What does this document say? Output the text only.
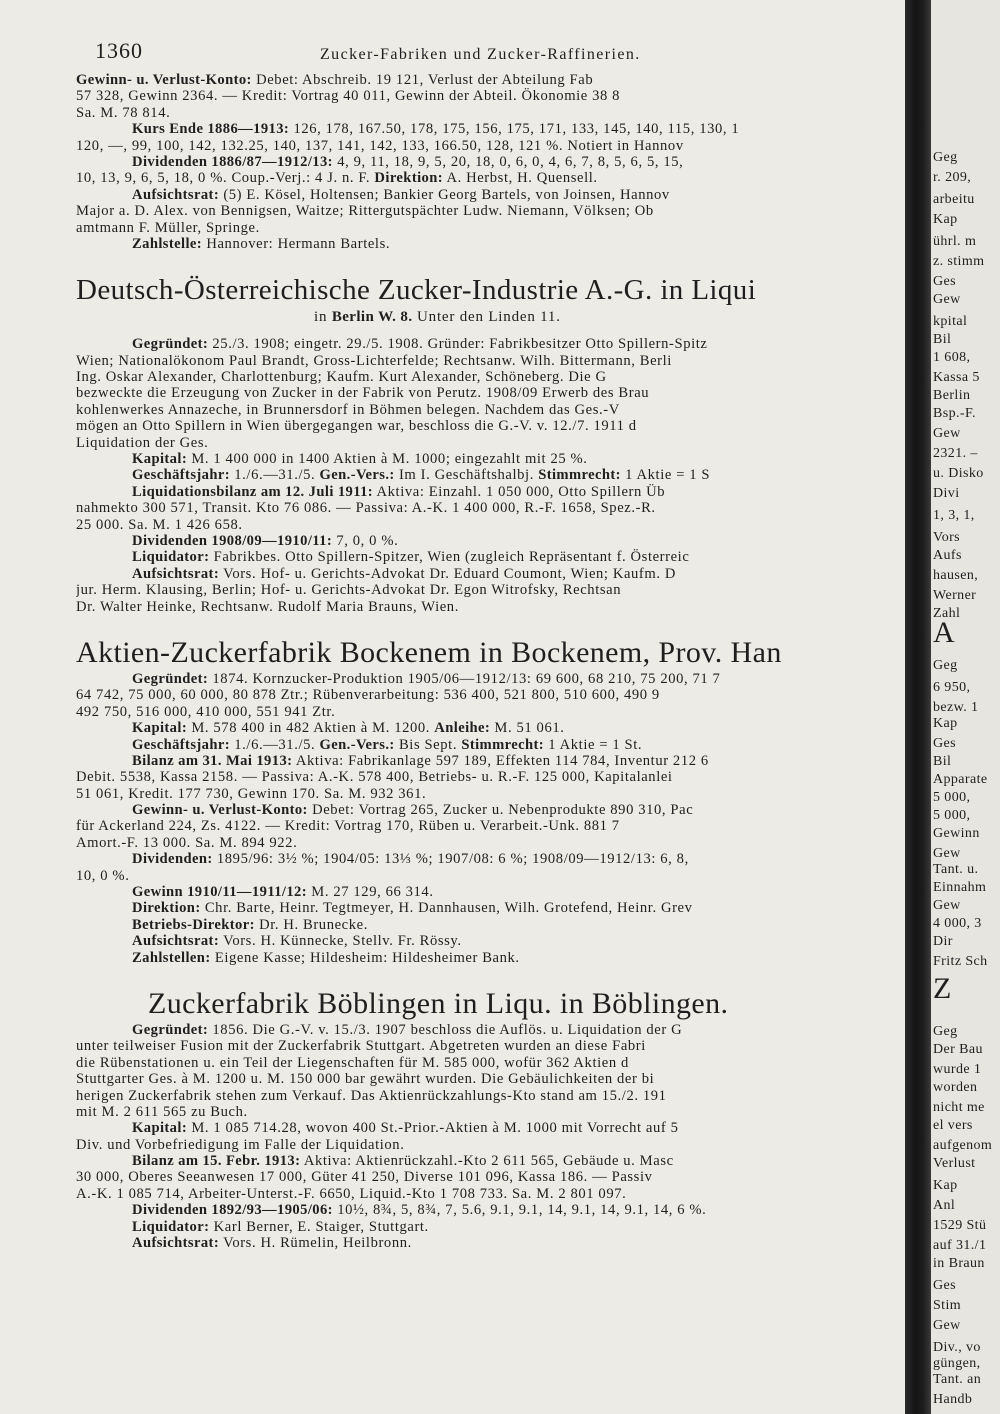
1360	Zucker-Fabriken und Zucker-Raffinerien.
Gewinn- u. Verlust-Konto: Debet: Abschreib. 19 121, Verlust der Abteilung Fab
57 328, Gewinn 2364. — Kredit: Vortrag 40 011, Gewinn der Abteil. Ökonomie 38 8
Sa. M. 78 814.
Kurs Ende 1886—1913: 126, 178, 167.50, 178, 175, 156, 175, 171, 133, 145, 140, 115, 130, 1
120, —, 99, 100, 142, 132.25, 140, 137, 141, 142, 133, 166.50, 128, 121 %. Notiert in Hannov
Dividenden 1886/87—1912/13: 4, 9, 11, 18, 9, 5, 20, 18, 0, 6, 0, 4, 6, 7, 8, 5, 6, 5, 15,
10, 13, 9, 6, 5, 18, 0 %. Coup.-Verj.: 4 J. n. F. Direktion: A. Herbst, H. Quensell.
Aufsichtsrat: (5) E. Kösel, Holtensen; Bankier Georg Bartels, von Joinsen, Hannov
Major a. D. Alex. von Bennigsen, Waitze; Rittergutspächter Ludw. Niemann, Völksen; Ob
amtmann F. Müller, Springe.
Zahlstelle: Hannover: Hermann Bartels.
Deutsch-Österreichische Zucker-Industrie A.-G. in Liqui
in Berlin W. 8. Unter den Linden 11.
Gegründet: 25./3. 1908; eingetr. 29./5. 1908. Gründer: Fabrikbesitzer Otto Spillern-Spitz
Wien; Nationalökonom Paul Brandt, Gross-Lichterfelde; Rechtsanw. Wilh. Bittermann, Berli
Ing. Oskar Alexander, Charlottenburg; Kaufm. Kurt Alexander, Schöneberg. Die G
bezweckte die Erzeugung von Zucker in der Fabrik von Perutz. 1908/09 Erwerb des Brau
kohlenwerkes Annazeche, in Brunnersdorf in Böhmen belegen. Nachdem das Ges.-V
mögen an Otto Spillern in Wien übergegangen war, beschloss die G.-V. v. 12./7. 1911 d
Liquidation der Ges.
Kapital: M. 1 400 000 in 1400 Aktien à M. 1000; eingezahlt mit 25 %.
Geschäftsjahr: 1./6.—31./5. Gen.-Vers.: Im I. Geschäftshalbj. Stimmrecht: 1 Aktie = 1 S
Liquidationsbilanz am 12. Juli 1911: Aktiva: Einzahl. 1 050 000, Otto Spillern Üb
nahmekto 300 571, Transit. Kto 76 086. — Passiva: A.-K. 1 400 000, R.-F. 1658, Spez.-R.
25 000. Sa. M. 1 426 658.
Dividenden 1908/09—1910/11: 7, 0, 0 %.
Liquidator: Fabrikbes. Otto Spillern-Spitzer, Wien (zugleich Repräsentant f. Österreic
Aufsichtsrat: Vors. Hof- u. Gerichts-Advokat Dr. Eduard Coumont, Wien; Kaufm. D
jur. Herm. Klausing, Berlin; Hof- u. Gerichts-Advokat Dr. Egon Witrofsky, Rechtsan
Dr. Walter Heinke, Rechtsanw. Rudolf Maria Brauns, Wien.
Aktien-Zuckerfabrik Bockenem in Bockenem, Prov. Han
Gegründet: 1874. Kornzucker-Produktion 1905/06—1912/13: 69 600, 68 210, 75 200, 71 7
64 742, 75 000, 60 000, 80 878 Ztr.; Rübenverarbeitung: 536 400, 521 800, 510 600, 490 9
492 750, 516 000, 410 000, 551 941 Ztr.
Kapital: M. 578 400 in 482 Aktien à M. 1200. Anleihe: M. 51 061.
Geschäftsjahr: 1./6.—31./5. Gen.-Vers.: Bis Sept. Stimmrecht: 1 Aktie = 1 St.
Bilanz am 31. Mai 1913: Aktiva: Fabrikanlage 597 189, Effekten 114 784, Inventur 212 6
Debit. 5538, Kassa 2158. — Passiva: A.-K. 578 400, Betriebs- u. R.-F. 125 000, Kapitalanlei
51 061, Kredit. 177 730, Gewinn 170. Sa. M. 932 361.
Gewinn- u. Verlust-Konto: Debet: Vortrag 265, Zucker u. Nebenprodukte 890 310, Pac
für Ackerland 224, Zs. 4122. — Kredit: Vortrag 170, Rüben u. Verarbeit.-Unk. 881 7
Amort.-F. 13 000. Sa. M. 894 922.
Dividenden: 1895/96: 3½ %; 1904/05: 13⅓ %; 1907/08: 6 %; 1908/09—1912/13: 6, 8,
10, 0 %.
Gewinn 1910/11—1911/12: M. 27 129, 66 314.
Direktion: Chr. Barte, Heinr. Tegtmeyer, H. Dannhausen, Wilh. Grotefend, Heinr. Grev
Betriebs-Direktor: Dr. H. Brunecke.
Aufsichtsrat: Vors. H. Künnecke, Stellv. Fr. Rössy.
Zahlstellen: Eigene Kasse; Hildesheim: Hildesheimer Bank.
Zuckerfabrik Böblingen in Liqu. in Böblingen.
Gegründet: 1856. Die G.-V. v. 15./3. 1907 beschloss die Auflös. u. Liquidation der G
unter teilweiser Fusion mit der Zuckerfabrik Stuttgart. Abgetreten wurden an diese Fabri
die Rübenstationen u. ein Teil der Liegenschaften für M. 585 000, wofür 362 Aktien d
Stuttgarter Ges. à M. 1200 u. M. 150 000 bar gewährt wurden. Die Gebäulichkeiten der bi
herigen Zuckerfabrik stehen zum Verkauf. Das Aktienrückzahlungs-Kto stand am 15./2. 191
mit M. 2 611 565 zu Buch.
Kapital: M. 1 085 714.28, wovon 400 St.-Prior.-Aktien à M. 1000 mit Vorrecht auf 5
Div. und Vorbefriedigung im Falle der Liquidation.
Bilanz am 15. Febr. 1913: Aktiva: Aktienrückzahl.-Kto 2 611 565, Gebäude u. Masc
30 000, Oberes Seeanwesen 17 000, Güter 41 250, Diverse 101 096, Kassa 186. — Passiv
A.-K. 1 085 714, Arbeiter-Unterst.-F. 6650, Liquid.-Kto 1 708 733. Sa. M. 2 801 097.
Dividenden 1892/93—1905/06: 10½, 8¾, 5, 8¾, 7, 5.6, 9.1, 9.1, 14, 9.1, 14, 9.1, 14, 6 %.
Liquidator: Karl Berner, E. Staiger, Stuttgart.
Aufsichtsrat: Vors. H. Rümelin, Heilbronn.
Geg
r. 209,
arbeitu
Kap
ührl. m
z. stimm
Ges
Gew
kpital
Bil
1 608,
Kassa 5
Berlin
Bsp.-F.
Gew
2321. –
u. Disko
Divi
1, 3, 1,
Vors
Aufs
hausen,
Werner
Zahl
A
Geg
6 950,
bezw. 1
Kap
Ges
Bil
Apparate
5 000,
5 000,
Gewinn
Gew
Tant. u.
Einnahm
Gew
4 000, 3
Dir
Fritz Sch
Z
Geg
Der Bau
wurde 1
worden
nicht me
el vers
aufgenom
Verlust
Kap
Anl
1529 Stü
auf 31./1
in Braun
Ges
Stim
Gew
Div., vo
güngen,
Tant. an
Handb
